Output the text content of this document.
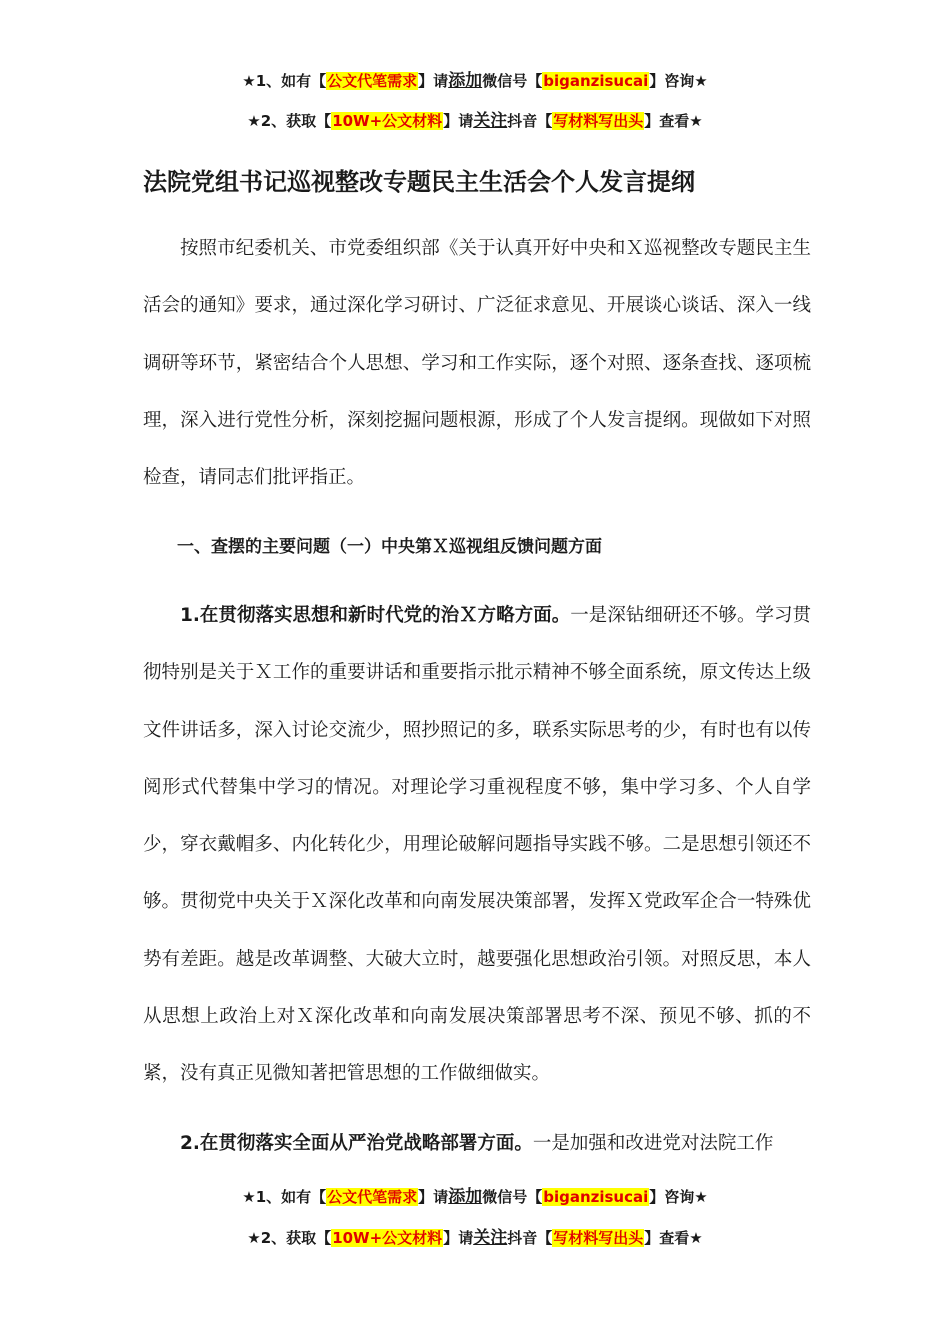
★1、如有【公文代笔需求】请添加微信号【biganzisucai】咨询★
★2、获取【10W+公文材料】请关注抖音【写材料写出头】查看★
法院党组书记巡视整改专题民主生活会个人发言提纲

按照市纪委机关、市党委组织部《关于认真开好中央和Ｘ巡视整改专题民主生活会的通知》要求，通过深化学习研讨、广泛征求意见、开展谈心谈话、深入一线调研等环节，紧密结合个人思想、学习和工作实际，逐个对照、逐条查找、逐项梳理，深入进行党性分析，深刻挖掘问题根源，形成了个人发言提纲。现做如下对照检查，请同志们批评指正。

一、查摆的主要问题（一）中央第Ｘ巡视组反馈问题方面

1.在贯彻落实思想和新时代党的治Ｘ方略方面。一是深钻细研还不够。学习贯彻特别是关于Ｘ工作的重要讲话和重要指示批示精神不够全面系统，原文传达上级文件讲话多，深入讨论交流少，照抄照记的多，联系实际思考的少，有时也有以传阅形式代替集中学习的情况。对理论学习重视程度不够，集中学习多、个人自学少，穿衣戴帽多、内化转化少，用理论破解问题指导实践不够。二是思想引领还不够。贯彻党中央关于Ｘ深化改革和向南发展决策部署，发挥Ｘ党政军企合一特殊优势有差距。越是改革调整、大破大立时，越要强化思想政治引领。对照反思，本人从思想上政治上对Ｘ深化改革和向南发展决策部署思考不深、预见不够、抓的不紧，没有真正见微知著把管思想的工作做细做实。

2.在贯彻落实全面从严治党战略部署方面。一是加强和改进党对法院工作

★1、如有【公文代笔需求】请添加微信号【biganzisucai】咨询★
★2、获取【10W+公文材料】请关注抖音【写材料写出头】查看★
